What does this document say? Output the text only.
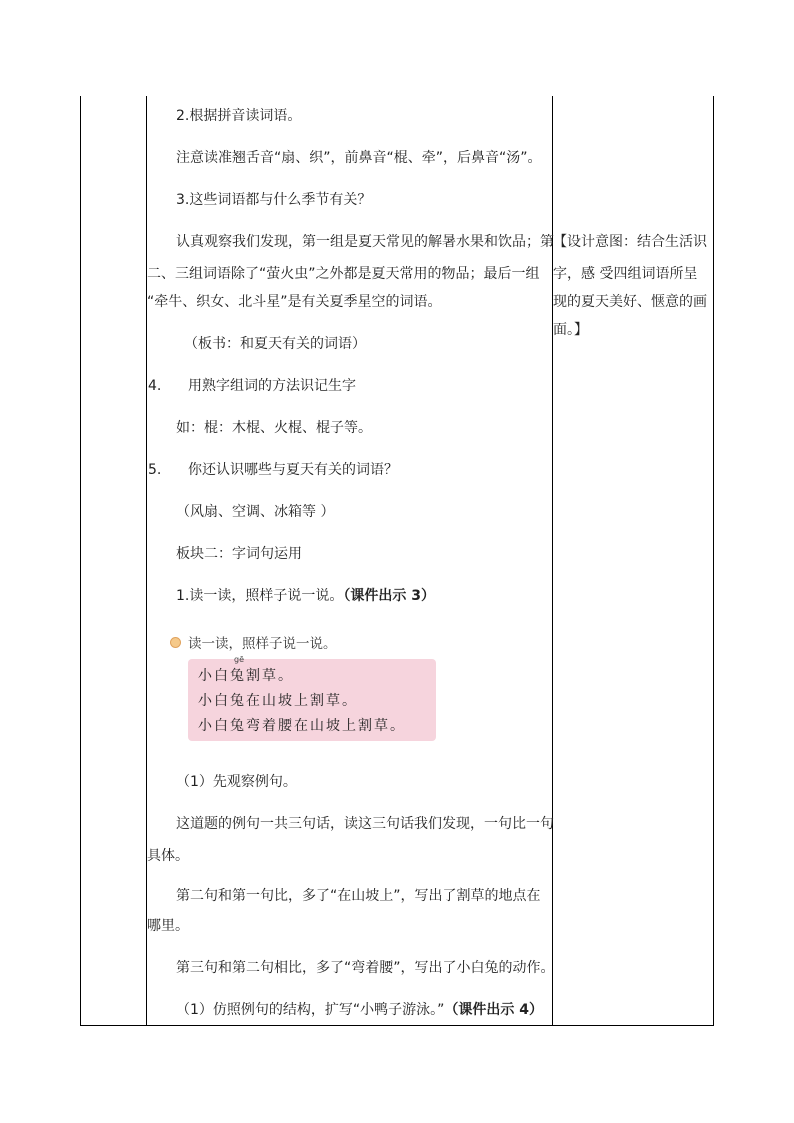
2.根据拼音读词语。
注意读准翘舌音“扇、织”，前鼻音“棍、牵”，后鼻音“汤”。
3.这些词语都与什么季节有关？
认真观察我们发现，第一组是夏天常见的解暑水果和饮品；第
二、三组词语除了“萤火虫”之外都是夏天常用的物品；最后一组
“牵牛、织女、北斗星”是有关夏季星空的词语。
（板书：和夏天有关的词语）
4. 用熟字组词的方法识记生字
如：棍：木棍、火棍、棍子等。
5. 你还认识哪些与夏天有关的词语？
（风扇、空调、冰箱等 ）
板块二：字词句运用
1.读一读，照样子说一说。（课件出示 3）
读一读，照样子说一说。
gē
小白兔割草。
小白兔在山坡上割草。
小白兔弯着腰在山坡上割草。
（1）先观察例句。
这道题的例句一共三句话，读这三句话我们发现，一句比一句
具体。
第二句和第一句比，多了“在山坡上”，写出了割草的地点在
哪里。
第三句和第二句相比，多了“弯着腰”，写出了小白兔的动作。
（1）仿照例句的结构，扩写“小鸭子游泳。”（课件出示 4）
【设计意图：结合生活识
字，感 受四组词语所呈
现的夏天美好、惬意的画
面。】
